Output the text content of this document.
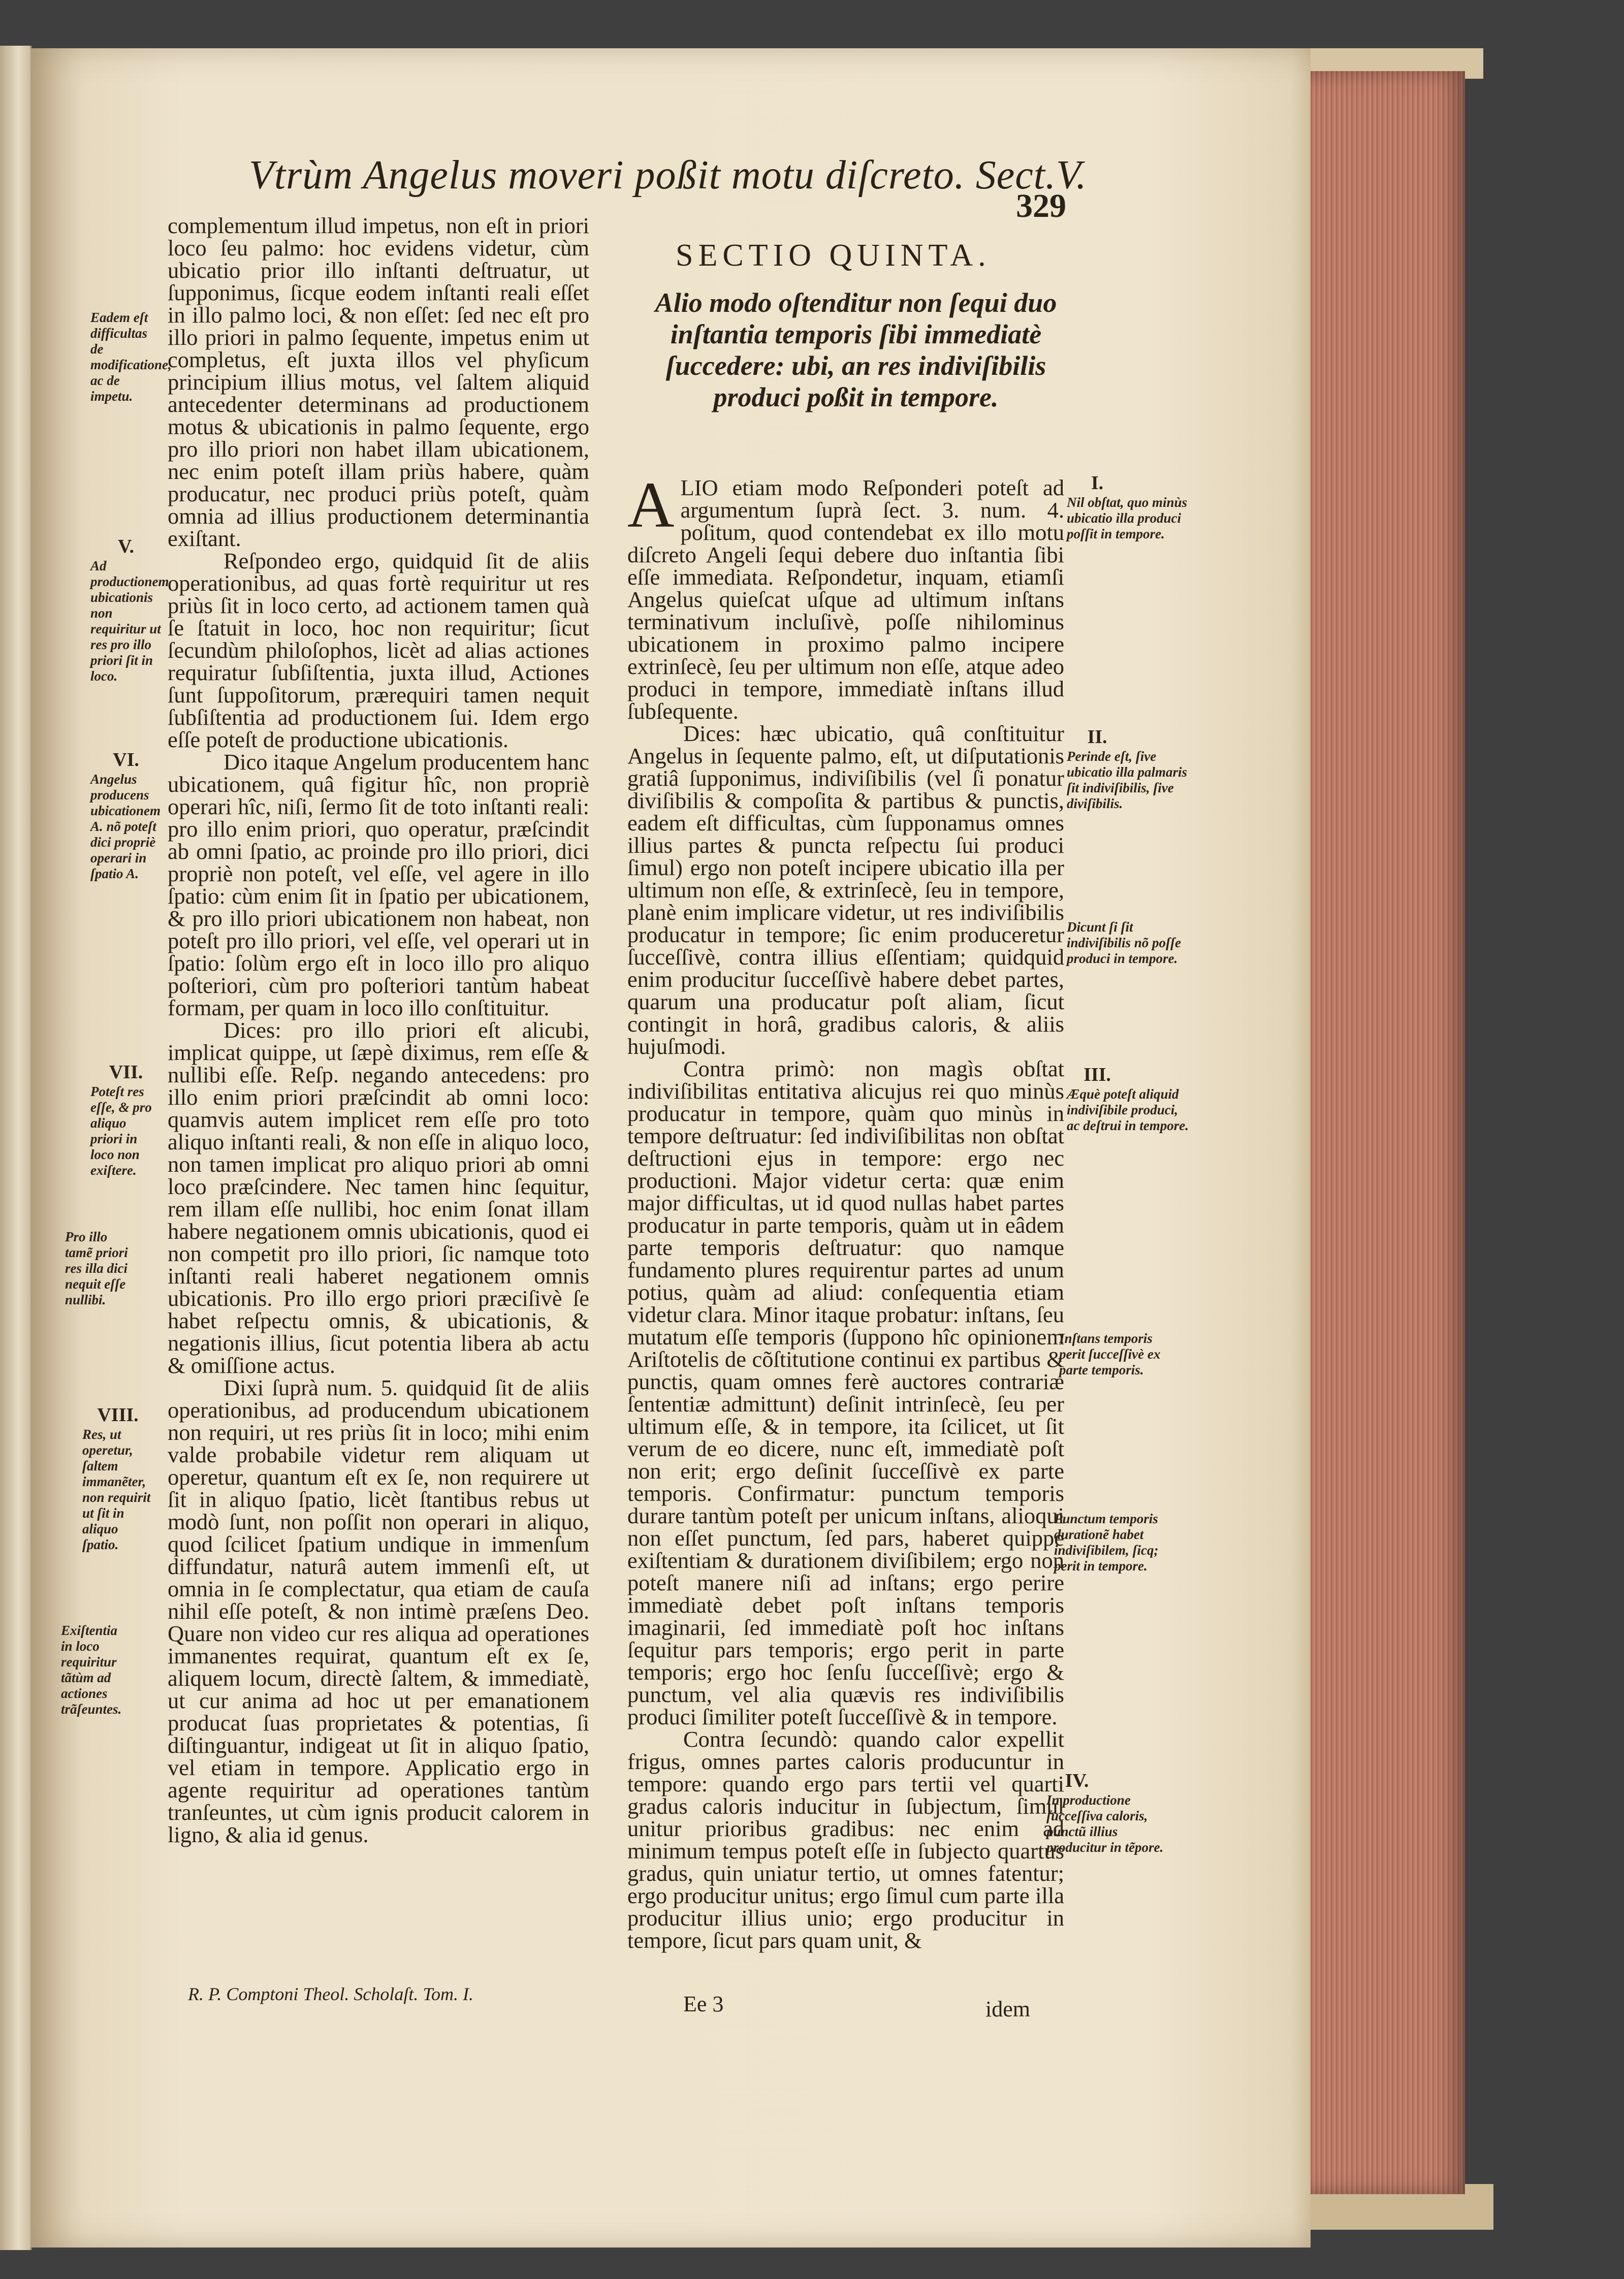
Vtrùm Angelus moveri poßit motu diſcreto. Sect.V.
329

complementum illud impetus, non eſt in priori loco ſeu palmo: hoc evidens videtur, cùm ubicatio prior illo inſtanti deſtruatur, ut ſupponimus, ſicque eodem inſtanti reali eſſet in illo palmo loci, & non eſſet: ſed nec eſt pro illo priori in palmo ſequente, impetus enim ut completus, eſt juxta illos vel phyſicum principium illius motus, vel ſaltem aliquid antecedenter determinans ad productionem motus & ubicationis in palmo ſequente, ergo pro illo priori non habet illam ubicationem, nec enim poteſt illam priùs habere, quàm producatur, nec produci priùs poteſt, quàm omnia ad illius productionem determinantia exiſtant.

Reſpondeo ergo, quidquid ſit de aliis operationibus, ad quas fortè requiritur ut res priùs ſit in loco certo, ad actionem tamen quà ſe ſtatuit in loco, hoc non requiritur; ſicut ſecundùm philoſophos, licèt ad alias actiones requiratur ſubſiſtentia, juxta illud, Actiones ſunt ſuppoſitorum, prærequiri tamen nequit ſubſiſtentia ad productionem ſui. Idem ergo eſſe poteſt de productione ubicationis.

Dico itaque Angelum producentem hanc ubicationem, quâ figitur hîc, non propriè operari hîc, niſi, ſermo ſit de toto inſtanti reali: pro illo enim priori, quo operatur, præſcindit ab omni ſpatio, ac proinde pro illo priori, dici propriè non poteſt, vel eſſe, vel agere in illo ſpatio: cùm enim ſit in ſpatio per ubicationem, & pro illo priori ubicationem non habeat, non poteſt pro illo priori, vel eſſe, vel operari ut in ſpatio: ſolùm ergo eſt in loco illo pro aliquo poſteriori, cùm pro poſteriori tantùm habeat formam, per quam in loco illo conſtituitur.

Dices: pro illo priori eſt alicubi, implicat quippe, ut ſæpè diximus, rem eſſe & nullibi eſſe. Reſp. negando antecedens: pro illo enim priori præſcindit ab omni loco: quamvis autem implicet rem eſſe pro toto aliquo inſtanti reali, & non eſſe in aliquo loco, non tamen implicat pro aliquo priori ab omni loco præſcindere. Nec tamen hinc ſequitur, rem illam eſſe nullibi, hoc enim ſonat illam habere negationem omnis ubicationis, quod ei non competit pro illo priori, ſic namque toto inſtanti reali haberet negationem omnis ubicationis. Pro illo ergo priori præciſivè ſe habet reſpectu omnis, & ubicationis, & negationis illius, ſicut potentia libera ab actu & omiſſione actus.

Dixi ſuprà num. 5. quidquid ſit de aliis operationibus, ad producendum ubicationem non requiri, ut res priùs ſit in loco; mihi enim valde probabile videtur rem aliquam ut operetur, quantum eſt ex ſe, non requirere ut ſit in aliquo ſpatio, licèt ſtantibus rebus ut modò ſunt, non poſſit non operari in aliquo, quod ſcilicet ſpatium undique in immenſum diffundatur, naturâ autem immenſi eſt, ut omnia in ſe complectatur, qua etiam de cauſa nihil eſſe poteſt, & non intimè præſens Deo. Quare non video cur res aliqua ad operationes immanentes requirat, quantum eſt ex ſe, aliquem locum, directè ſaltem, & immediatè, ut cur anima ad hoc ut per emanationem producat ſuas proprietates & potentias, ſi diſtinguantur, indigeat ut ſit in aliquo ſpatio, vel etiam in tempore. Applicatio ergo in agente requiritur ad operationes tantùm tranſeuntes, ut cùm ignis producit calorem in ligno, & alia id genus.

Eadem eſt difficultas de modificatione, ac de impetu.
V.
Ad productionem ubicationis non requiritur ut res pro illo priori ſit in loco.
VI.
Angelus producens ubicationem A. nõ poteſt dici propriè operari in ſpatio A.
VII.
Poteſt res eſſe, & pro aliquo priori in loco non exiſtere.
Pro illo tamẽ priori res illa dici nequit eſſe nullibi.
VIII.
Res, ut operetur, ſaltem immanẽter, non requirit ut ſit in aliquo ſpatio.
Exiſtentia in loco requiritur tãtùm ad actiones trãſeuntes.
SECTIO QUINTA.
Alio modo oſtenditur non ſequi duo inſtantia temporis ſibi immediatè ſuccedere: ubi, an res indiviſibilis produci poßit in tempore.

A LIO etiam modo Reſponderi poteſt ad argumentum ſuprà ſect. 3. num. 4. poſitum, quod contendebat ex illo motu diſcreto Angeli ſequi debere duo inſtantia ſibi eſſe immediata. Reſpondetur, inquam, etiamſi Angelus quieſcat uſque ad ultimum inſtans terminativum incluſivè, poſſe nihilominus ubicationem in proximo palmo incipere extrinſecè, ſeu per ultimum non eſſe, atque adeo produci in tempore, immediatè inſtans illud ſubſequente.

Dices: hæc ubicatio, quâ conſtituitur Angelus in ſequente palmo, eſt, ut diſputationis gratiâ ſupponimus, indiviſibilis (vel ſi ponatur diviſibilis & compoſita & partibus & punctis, eadem eſt difficultas, cùm ſupponamus omnes illius partes & puncta reſpectu ſui produci ſimul) ergo non poteſt incipere ubicatio illa per ultimum non eſſe, & extrinſecè, ſeu in tempore, planè enim implicare videtur, ut res indiviſibilis producatur in tempore; ſic enim produceretur ſucceſſivè, contra illius eſſentiam; quidquid enim producitur ſucceſſivè habere debet partes, quarum una producatur poſt aliam, ſicut contingit in horâ, gradibus caloris, & aliis hujuſmodi.

Contra primò: non magìs obſtat indiviſibilitas entitativa alicujus rei quo minùs producatur in tempore, quàm quo minùs in tempore deſtruatur: ſed indiviſibilitas non obſtat deſtructioni ejus in tempore: ergo nec productioni. Major videtur certa: quæ enim major difficultas, ut id quod nullas habet partes producatur in parte temporis, quàm ut in eâdem parte temporis deſtruatur: quo namque fundamento plures requirentur partes ad unum potius, quàm ad aliud: conſequentia etiam videtur clara. Minor itaque probatur: inſtans, ſeu mutatum eſſe temporis (ſuppono hîc opinionem Ariſtotelis de cõſtitutione continui ex partibus & punctis, quam omnes ferè auctores contrariæ ſententiæ admittunt) deſinit intrinſecè, ſeu per ultimum eſſe, & in tempore, ita ſcilicet, ut ſit verum de eo dicere, nunc eſt, immediatè poſt non erit; ergo deſinit ſucceſſivè ex parte temporis. Confirmatur: punctum temporis durare tantùm poteſt per unicum inſtans, alioqui non eſſet punctum, ſed pars, haberet quippe exiſtentiam & durationem diviſibilem; ergo non poteſt manere niſi ad inſtans; ergo perire immediatè debet poſt inſtans temporis imaginarii, ſed immediatè poſt hoc inſtans ſequitur pars temporis; ergo perit in parte temporis; ergo hoc ſenſu ſucceſſivè; ergo & punctum, vel alia quævis res indiviſibilis produci ſimiliter poteſt ſucceſſivè & in tempore.

Contra ſecundò: quando calor expellit frigus, omnes partes caloris producuntur in tempore: quando ergo pars tertii vel quarti gradus caloris inducitur in ſubjectum, ſimul unitur prioribus gradibus: nec enim ad minimum tempus poteſt eſſe in ſubjecto quartus gradus, quin uniatur tertio, ut omnes fatentur; ergo producitur unitus; ergo ſimul cum parte illa producitur illius unio; ergo producitur in tempore, ſicut pars quam unit, &

I.
Nil obſtat, quo minùs ubicatio illa produci poſſit in tempore.
II.
Perinde eſt, ſive ubicatio illa palmaris ſit indiviſibilis, ſive diviſibilis.
Dicunt ſi ſit indiviſibilis nõ poſſe produci in tempore.
III.
Æquè poteſt aliquid indiviſibile produci, ac deſtrui in tempore.
Inſtans temporis perit ſucceſſivè ex parte temporis.
Punctum temporis durationẽ habet indiviſibilem, ſicq; perit in tempore.
IV.
In productione ſucceſſiva caloris, punctũ illius producitur in tẽpore.
R. P. Comptoni Theol. Scholaſt. Tom. I.	Ee 3	idem
